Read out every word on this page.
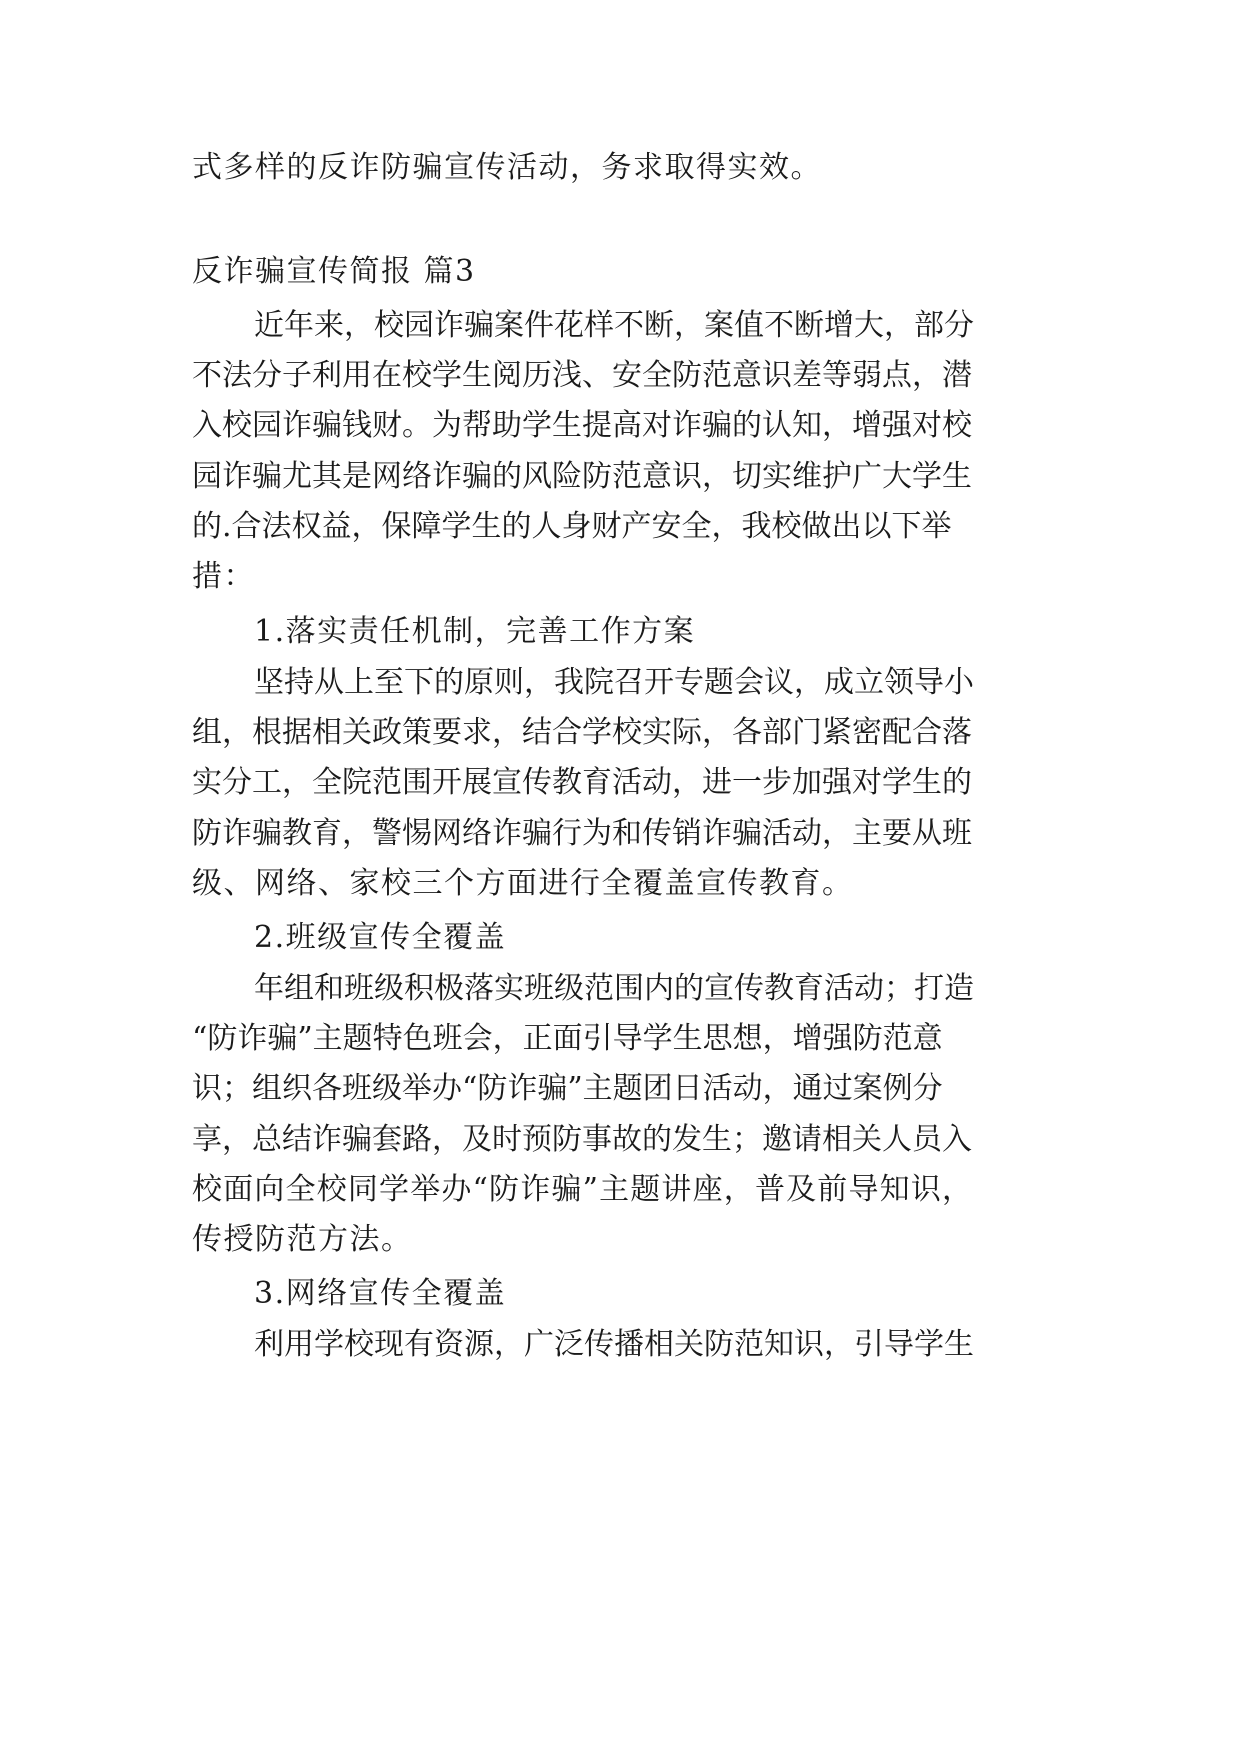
式多样的反诈防骗宣传活动，务求取得实效。
反诈骗宣传简报 篇3
近年来，校园诈骗案件花样不断，案值不断增大，部分
不法分子利用在校学生阅历浅、安全防范意识差等弱点，潜
入校园诈骗钱财。为帮助学生提高对诈骗的认知，增强对校
园诈骗尤其是网络诈骗的风险防范意识，切实维护广大学生
的.合法权益，保障学生的人身财产安全，我校做出以下举
措：
1.落实责任机制，完善工作方案
坚持从上至下的原则，我院召开专题会议，成立领导小
组，根据相关政策要求，结合学校实际，各部门紧密配合落
实分工，全院范围开展宣传教育活动，进一步加强对学生的
防诈骗教育，警惕网络诈骗行为和传销诈骗活动，主要从班
级、网络、家校三个方面进行全覆盖宣传教育。
2.班级宣传全覆盖
年组和班级积极落实班级范围内的宣传教育活动；打造
“防诈骗”主题特色班会，正面引导学生思想，增强防范意
识；组织各班级举办“防诈骗”主题团日活动，通过案例分
享，总结诈骗套路，及时预防事故的发生；邀请相关人员入
校面向全校同学举办“防诈骗”主题讲座，普及前导知识，
传授防范方法。
3.网络宣传全覆盖
利用学校现有资源，广泛传播相关防范知识，引导学生
